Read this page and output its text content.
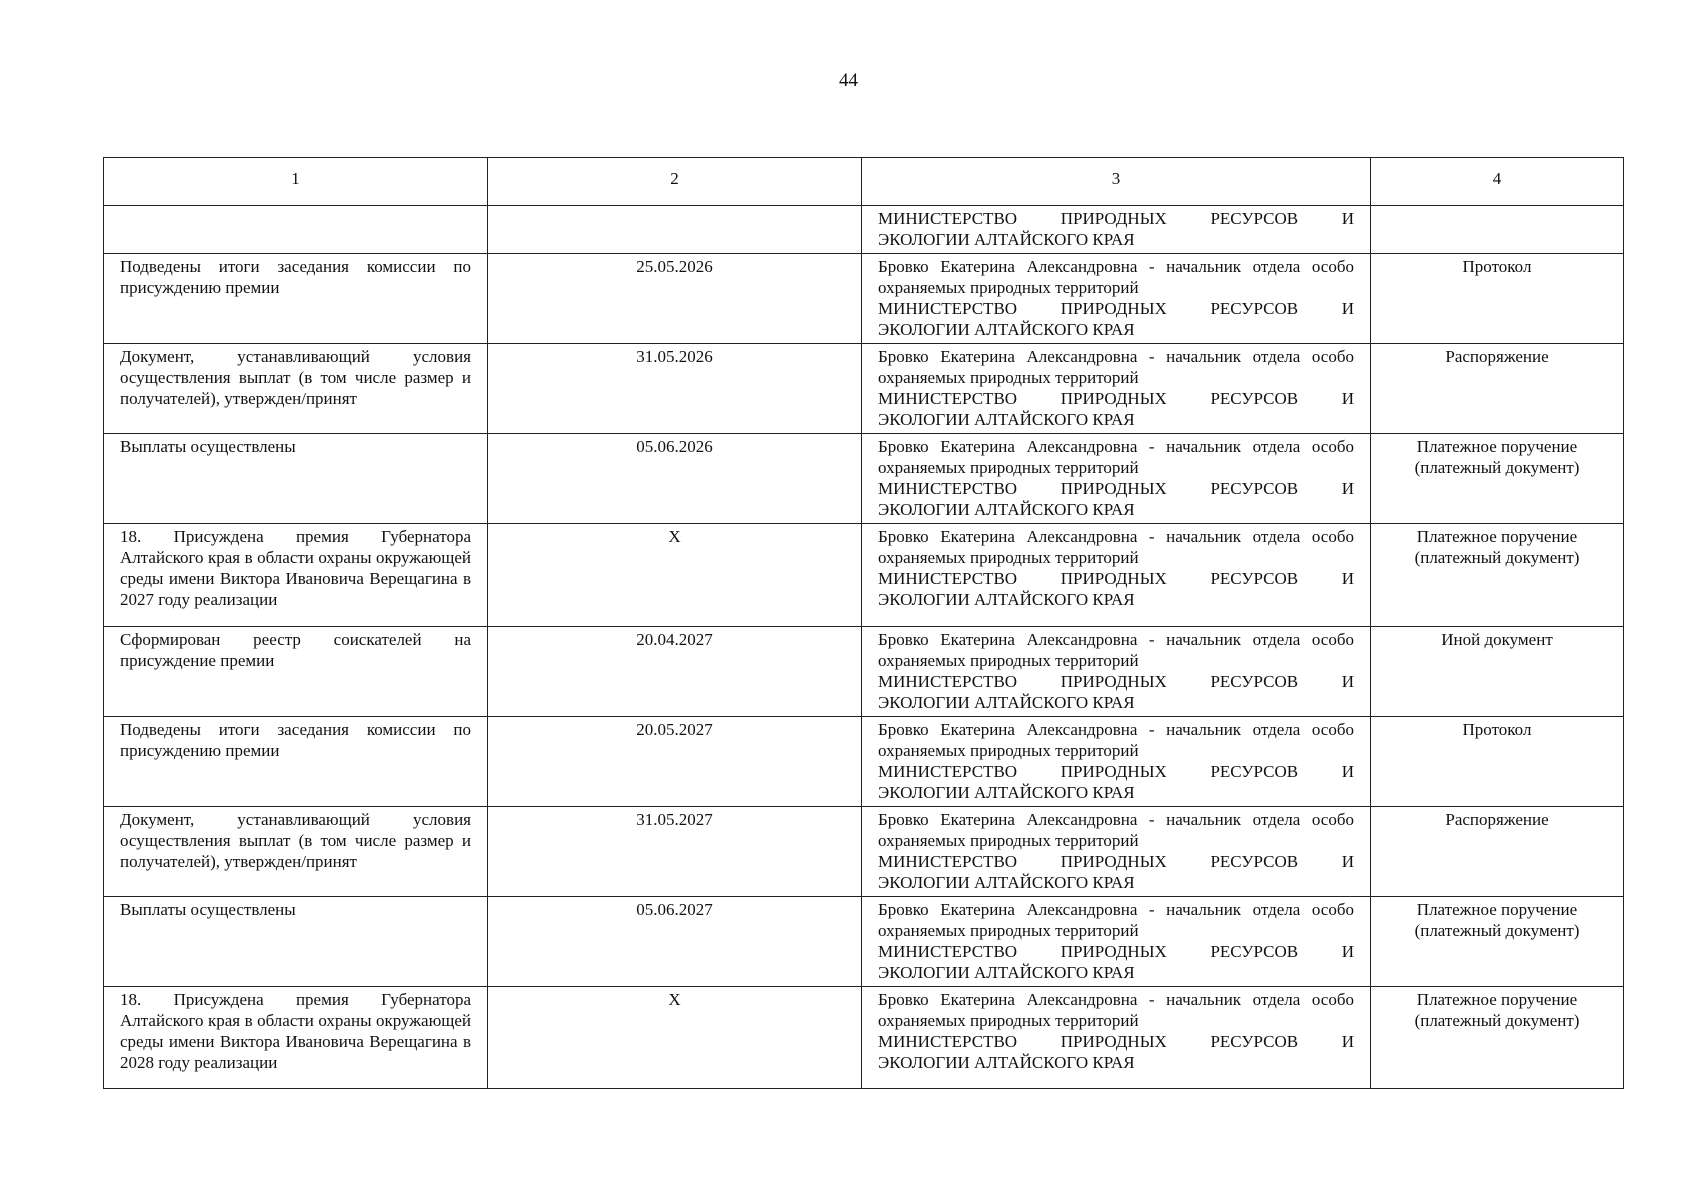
44
1	2	3	4

		МИНИСТЕРСТВО ПРИРОДНЫХ РЕСУРСОВ И
ЭКОЛОГИИ АЛТАЙСКОГО КРАЯ	

Подведены итоги заседания комиссии по присуждению премии	25.05.2026	Бровко Екатерина Александровна - начальник отдела особо охраняемых природных территорий
МИНИСТЕРСТВО ПРИРОДНЫХ РЕСУРСОВ И
ЭКОЛОГИИ АЛТАЙСКОГО КРАЯ	Протокол
Документ, устанавливающий условия осуществления выплат (в том числе размер и получателей), утвержден/принят	31.05.2026	Бровко Екатерина Александровна - начальник отдела особо охраняемых природных территорий
МИНИСТЕРСТВО ПРИРОДНЫХ РЕСУРСОВ И
ЭКОЛОГИИ АЛТАЙСКОГО КРАЯ	Распоряжение
Выплаты осуществлены	05.06.2026	Бровко Екатерина Александровна - начальник отдела особо охраняемых природных территорий
МИНИСТЕРСТВО ПРИРОДНЫХ РЕСУРСОВ И
ЭКОЛОГИИ АЛТАЙСКОГО КРАЯ	Платежное поручение (платежный документ)
18. Присуждена премия Губернатора Алтайского края в области охраны окружающей среды имени Виктора Ивановича Верещагина в 2027 году реализации	X	Бровко Екатерина Александровна - начальник отдела особо охраняемых природных территорий
МИНИСТЕРСТВО ПРИРОДНЫХ РЕСУРСОВ И
ЭКОЛОГИИ АЛТАЙСКОГО КРАЯ	Платежное поручение (платежный документ)
Сформирован реестр соискателей на присуждение премии	20.04.2027	Бровко Екатерина Александровна - начальник отдела особо охраняемых природных территорий
МИНИСТЕРСТВО ПРИРОДНЫХ РЕСУРСОВ И
ЭКОЛОГИИ АЛТАЙСКОГО КРАЯ	Иной документ
Подведены итоги заседания комиссии по присуждению премии	20.05.2027	Бровко Екатерина Александровна - начальник отдела особо охраняемых природных территорий
МИНИСТЕРСТВО ПРИРОДНЫХ РЕСУРСОВ И
ЭКОЛОГИИ АЛТАЙСКОГО КРАЯ	Протокол
Документ, устанавливающий условия осуществления выплат (в том числе размер и получателей), утвержден/принят	31.05.2027	Бровко Екатерина Александровна - начальник отдела особо охраняемых природных территорий
МИНИСТЕРСТВО ПРИРОДНЫХ РЕСУРСОВ И
ЭКОЛОГИИ АЛТАЙСКОГО КРАЯ	Распоряжение
Выплаты осуществлены	05.06.2027	Бровко Екатерина Александровна - начальник отдела особо охраняемых природных территорий
МИНИСТЕРСТВО ПРИРОДНЫХ РЕСУРСОВ И
ЭКОЛОГИИ АЛТАЙСКОГО КРАЯ	Платежное поручение (платежный документ)
18. Присуждена премия Губернатора Алтайского края в области охраны окружающей среды имени Виктора Ивановича Верещагина в 2028 году реализации	X	Бровко Екатерина Александровна - начальник отдела особо охраняемых природных территорий
МИНИСТЕРСТВО ПРИРОДНЫХ РЕСУРСОВ И
ЭКОЛОГИИ АЛТАЙСКОГО КРАЯ	Платежное поручение (платежный документ)
